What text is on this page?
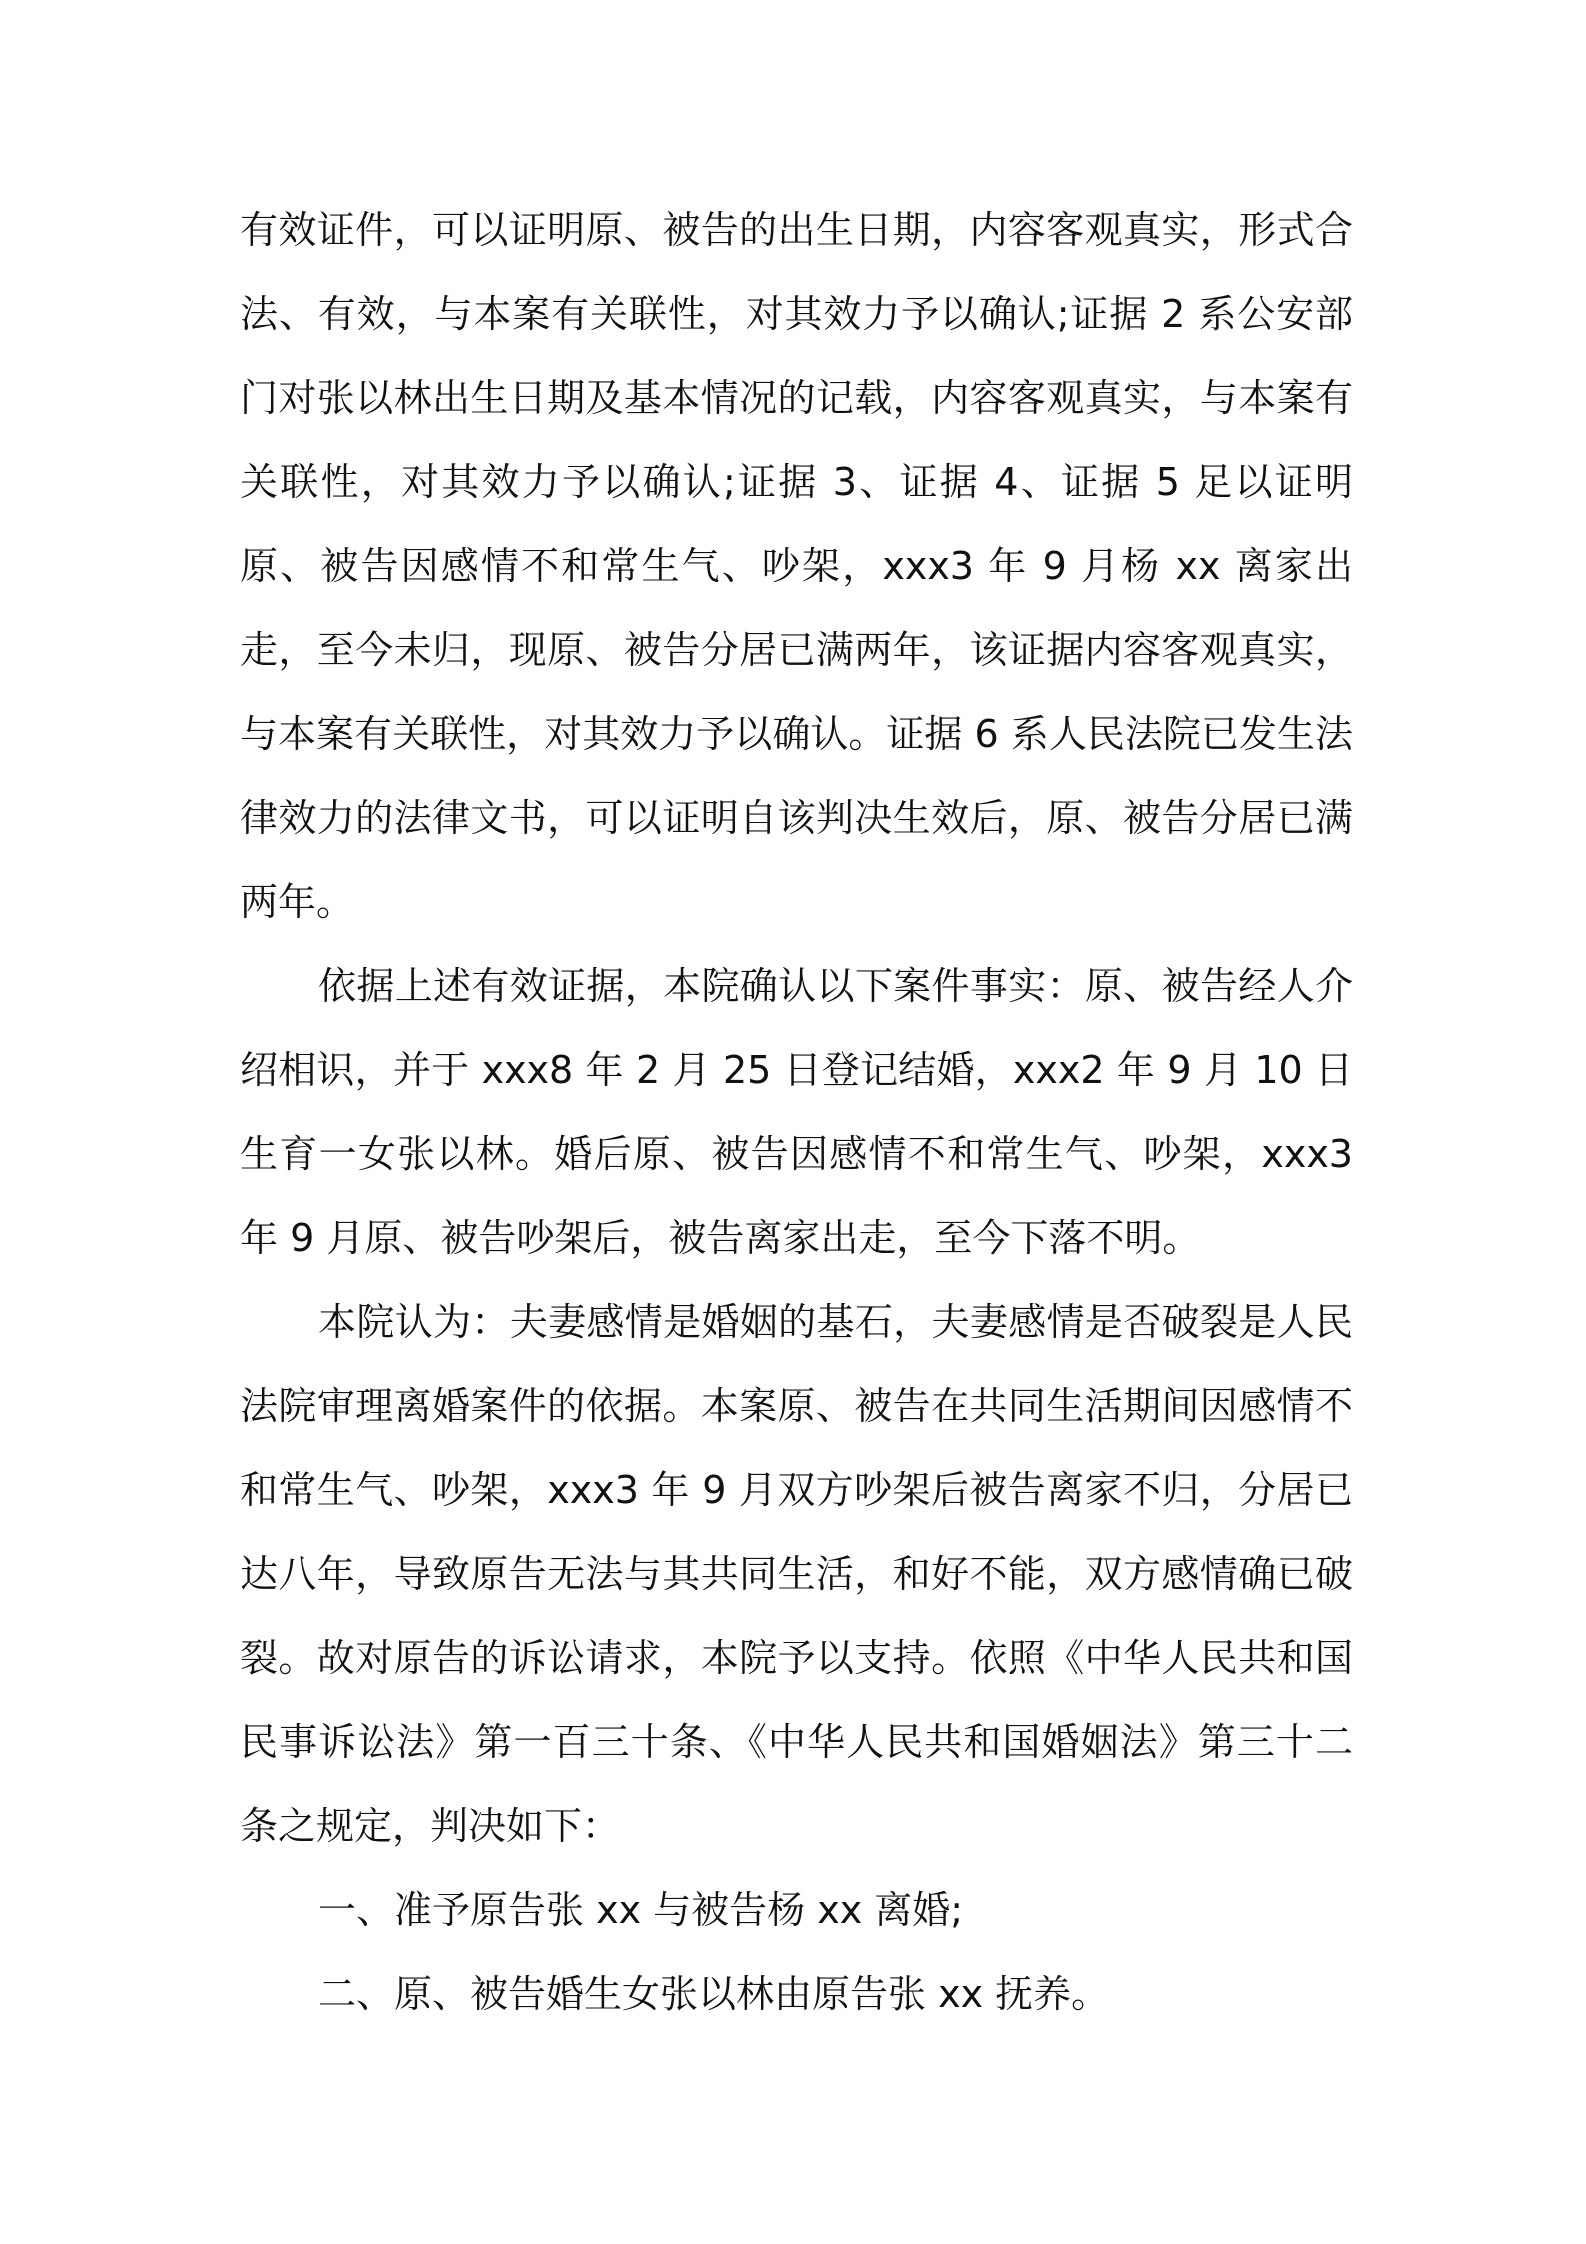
有效证件，可以证明原、被告的出生日期，内容客观真实，形式合法、有效，与本案有关联性，对其效力予以确认;证据 2 系公安部门对张以林出生日期及基本情况的记载，内容客观真实，与本案有关联性，对其效力予以确认;证据 3、证据 4、证据 5 足以证明原、被告因感情不和常生气、吵架，xxx3 年 9 月杨 xx 离家出走，至今未归，现原、被告分居已满两年，该证据内容客观真实，与本案有关联性，对其效力予以确认。证据 6 系人民法院已发生法律效力的法律文书，可以证明自该判决生效后，原、被告分居已满两年。

依据上述有效证据，本院确认以下案件事实：原、被告经人介绍相识，并于 xxx8 年 2 月 25 日登记结婚，xxx2 年 9 月 10 日生育一女张以林。婚后原、被告因感情不和常生气、吵架，xxx3 年 9 月原、被告吵架后，被告离家出走，至今下落不明。

本院认为：夫妻感情是婚姻的基石，夫妻感情是否破裂是人民法院审理离婚案件的依据。本案原、被告在共同生活期间因感情不和常生气、吵架，xxx3 年 9 月双方吵架后被告离家不归，分居已达八年，导致原告无法与其共同生活，和好不能，双方感情确已破裂。故对原告的诉讼请求，本院予以支持。依照《中华人民共和国民事诉讼法》第一百三十条、《中华人民共和国婚姻法》第三十二条之规定，判决如下：

一、准予原告张 xx 与被告杨 xx 离婚;

二、原、被告婚生女张以林由原告张 xx 抚养。
